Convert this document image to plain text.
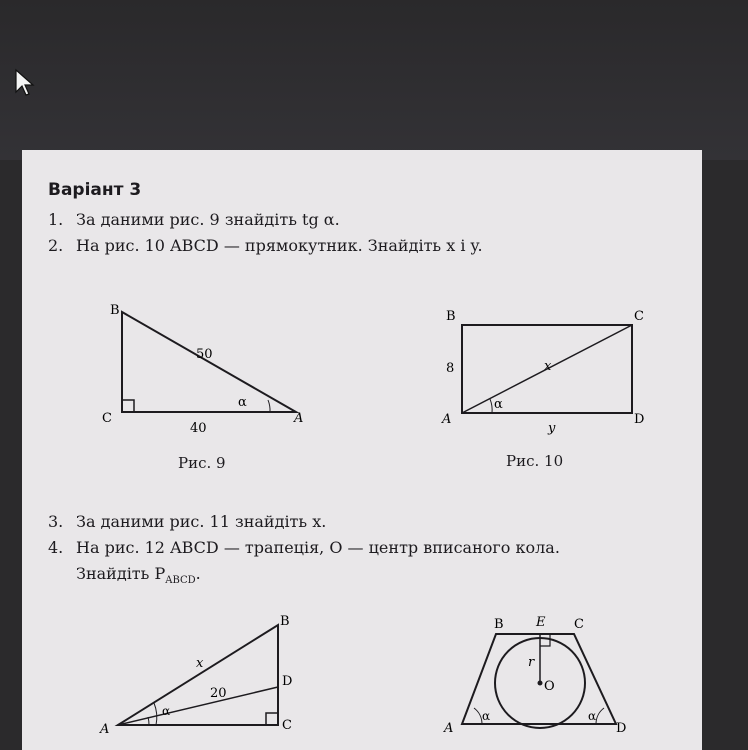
Варіант 3
1. За даними рис. 9 знайдіть tg α.
2. На рис. 10 ABCD — прямокутник. Знайдіть x і y.
B
C	A
50
40
α
Рис. 9
B	C
A	D
8	x
y
α
Рис. 10
3. За даними рис. 11 знайдіть x.
4. На рис. 12 ABCD — трапеція, O — центр вписаного кола.
Знайдіть $P_{ABCD}$.
B
A
D
C
x
20
α
B E C
A	D
O
r
α	α
